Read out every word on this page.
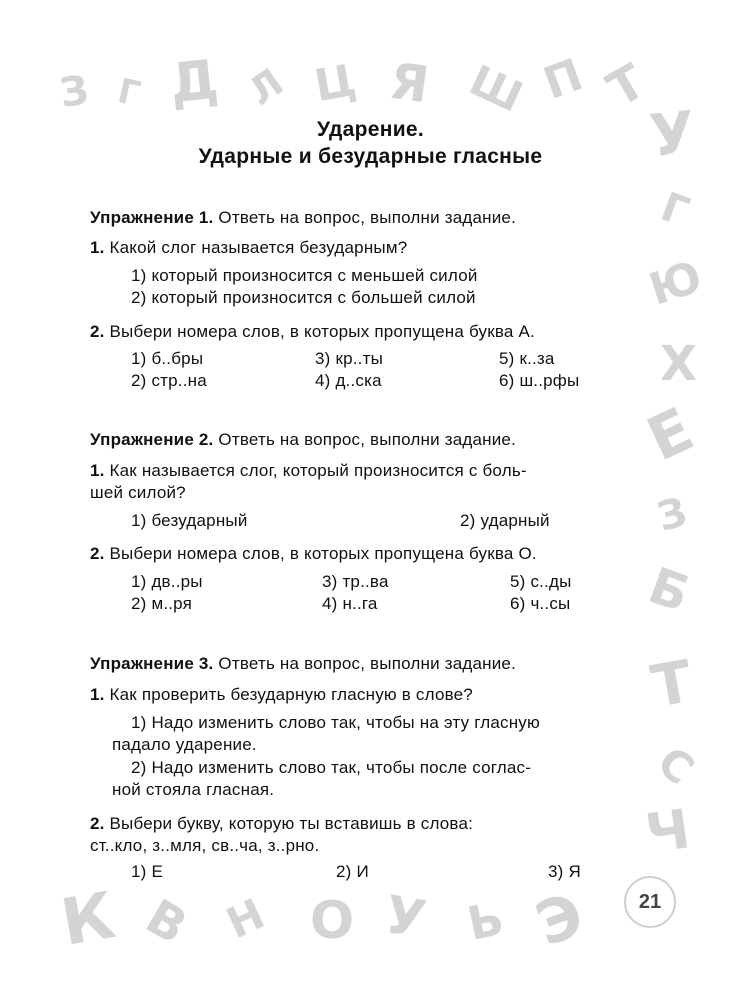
З Г Д Л Ц Я Ш П Т
У
Г
Ю
Х
Е
З
Б
Т
С
Ч
К В Н О У Ь Э
Ударение.
Ударные и безударные гласные
Упражнение 1. Ответь на вопрос, выполни задание.
1. Какой слог называется безударным?
1) который произносится с меньшей силой
2) который произносится с большей силой
2. Выбери номера слов, в которых пропущена буква А.
1) б..бры	3) кр..ты	5) к..за
2) стр..на	4) д..ска	6) ш..рфы
Упражнение 2. Ответь на вопрос, выполни задание.
1. Как называется слог, который произносится с боль-
шей силой?
1) безударный	2) ударный
2. Выбери номера слов, в которых пропущена буква О.
1) дв..ры	3) тр..ва	5) с..ды
2) м..ря	4) н..га	6) ч..сы
Упражнение 3. Ответь на вопрос, выполни задание.
1. Как проверить безударную гласную в слове?
1) Надо изменить слово так, чтобы на эту гласную
падало ударение.
2) Надо изменить слово так, чтобы после соглас-
ной стояла гласная.
2. Выбери букву, которую ты вставишь в слова:
ст..кло, з..мля, св..ча, з..рно.
1) Е	2) И	3) Я
21
